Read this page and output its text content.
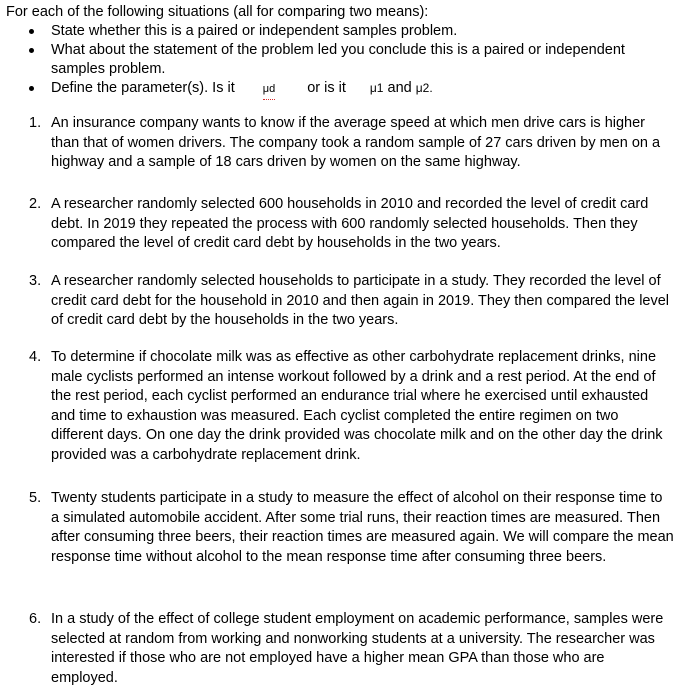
For each of the following situations (all for comparing two means):
State whether this is a paired or independent samples problem.
What about the statement of the problem led you conclude this is a paired or independent samples problem.
Define the parameter(s). Is it	μd or is it μ1 and μ2.
1. An insurance company wants to know if the average speed at which men drive cars is higher than that of women drivers. The company took a random sample of 27 cars driven by men on a highway and a sample of 18 cars driven by women on the same highway.
2. A researcher randomly selected 600 households in 2010 and recorded the level of credit card debt. In 2019 they repeated the process with 600 randomly selected households. Then they compared the level of credit card debt by households in the two years.
3. A researcher randomly selected households to participate in a study. They recorded the level of credit card debt for the household in 2010 and then again in 2019. They then compared the level of credit card debt by the households in the two years.
4. To determine if chocolate milk was as effective as other carbohydrate replacement drinks, nine male cyclists performed an intense workout followed by a drink and a rest period. At the end of the rest period, each cyclist performed an endurance trial where he exercised until exhausted and time to exhaustion was measured. Each cyclist completed the entire regimen on two different days. On one day the drink provided was chocolate milk and on the other day the drink provided was a carbohydrate replacement drink.
5. Twenty students participate in a study to measure the effect of alcohol on their response time to a simulated automobile accident. After some trial runs, their reaction times are measured. Then after consuming three beers, their reaction times are measured again. We will compare the mean response time without alcohol to the mean response time after consuming three beers.
6. In a study of the effect of college student employment on academic performance, samples were selected at random from working and nonworking students at a university. The researcher was interested if those who are not employed have a higher mean GPA than those who are employed.
